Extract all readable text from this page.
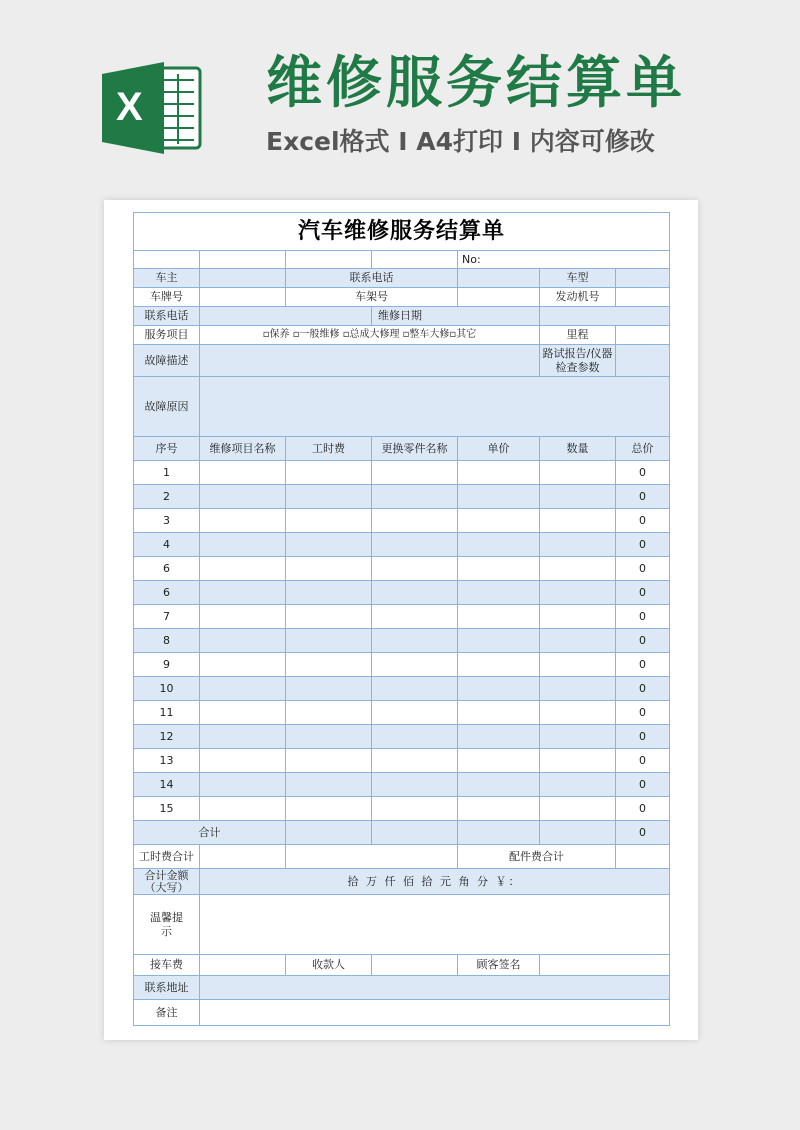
X 维修服务结算单
Excel格式 I A4打印 I 内容可修改
汽车维修服务结算单						
				No:		
车主		联系电话			车型	
车牌号		车架号			发动机号	
联系电话			维修日期			
服务项目	▫保养 ▫一般维修 ▫总成大修理 ▫整车大修▫其它				里程	
故障描述					路试报告/仪器检查参数	
故障原因						
序号	维修项目名称	工时费	更换零件名称	单价	数量	总价
1						0
2						0
3						0
4						0
6						0
6						0
7						0
8						0
9						0
10						0
11						0
12						0
13						0
14						0
15						0
合计						0
工时费合计				配件费合计		
合计金额（大写）	拾 万 仟 佰 拾 元 角 分 ￥：					
温馨提示						
接车费		收款人		顾客签名		
联系地址						
备注						
